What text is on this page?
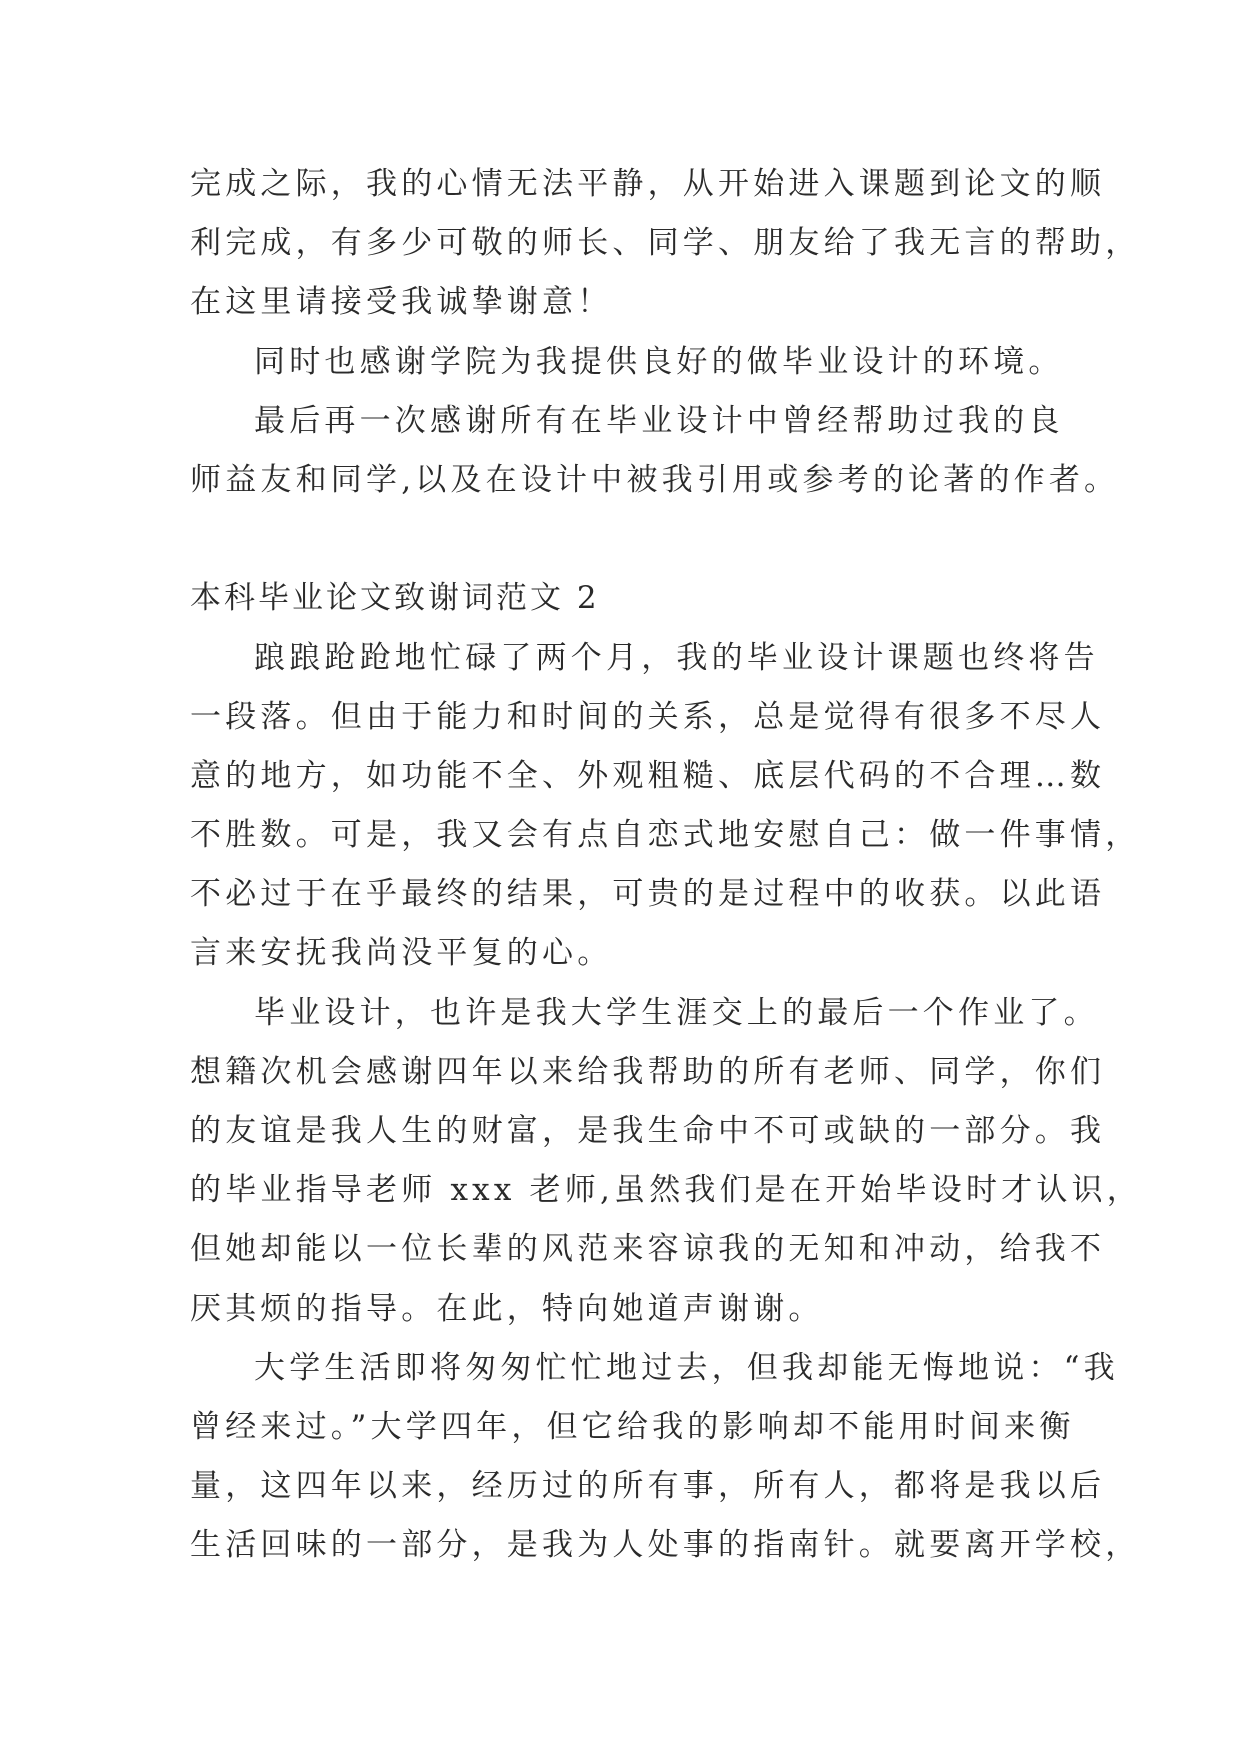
完成之际，我的心情无法平静，从开始进入课题到论文的顺
利完成，有多少可敬的师长、同学、朋友给了我无言的帮助，
在这里请接受我诚挚谢意！
同时也感谢学院为我提供良好的做毕业设计的环境。
最后再一次感谢所有在毕业设计中曾经帮助过我的良
师益友和同学,以及在设计中被我引用或参考的论著的作者。
本科毕业论文致谢词范文 2
踉踉跄跄地忙碌了两个月，我的毕业设计课题也终将告
一段落。但由于能力和时间的关系，总是觉得有很多不尽人
意的地方，如功能不全、外观粗糙、底层代码的不合理…数
不胜数。可是，我又会有点自恋式地安慰自己：做一件事情，
不必过于在乎最终的结果，可贵的是过程中的收获。以此语
言来安抚我尚没平复的心。
毕业设计，也许是我大学生涯交上的最后一个作业了。
想籍次机会感谢四年以来给我帮助的所有老师、同学，你们
的友谊是我人生的财富，是我生命中不可或缺的一部分。我
的毕业指导老师 xxx 老师,虽然我们是在开始毕设时才认识，
但她却能以一位长辈的风范来容谅我的无知和冲动，给我不
厌其烦的指导。在此，特向她道声谢谢。
大学生活即将匆匆忙忙地过去，但我却能无悔地说：“我
曾经来过。”大学四年，但它给我的影响却不能用时间来衡
量，这四年以来，经历过的所有事，所有人，都将是我以后
生活回味的一部分，是我为人处事的指南针。就要离开学校，
